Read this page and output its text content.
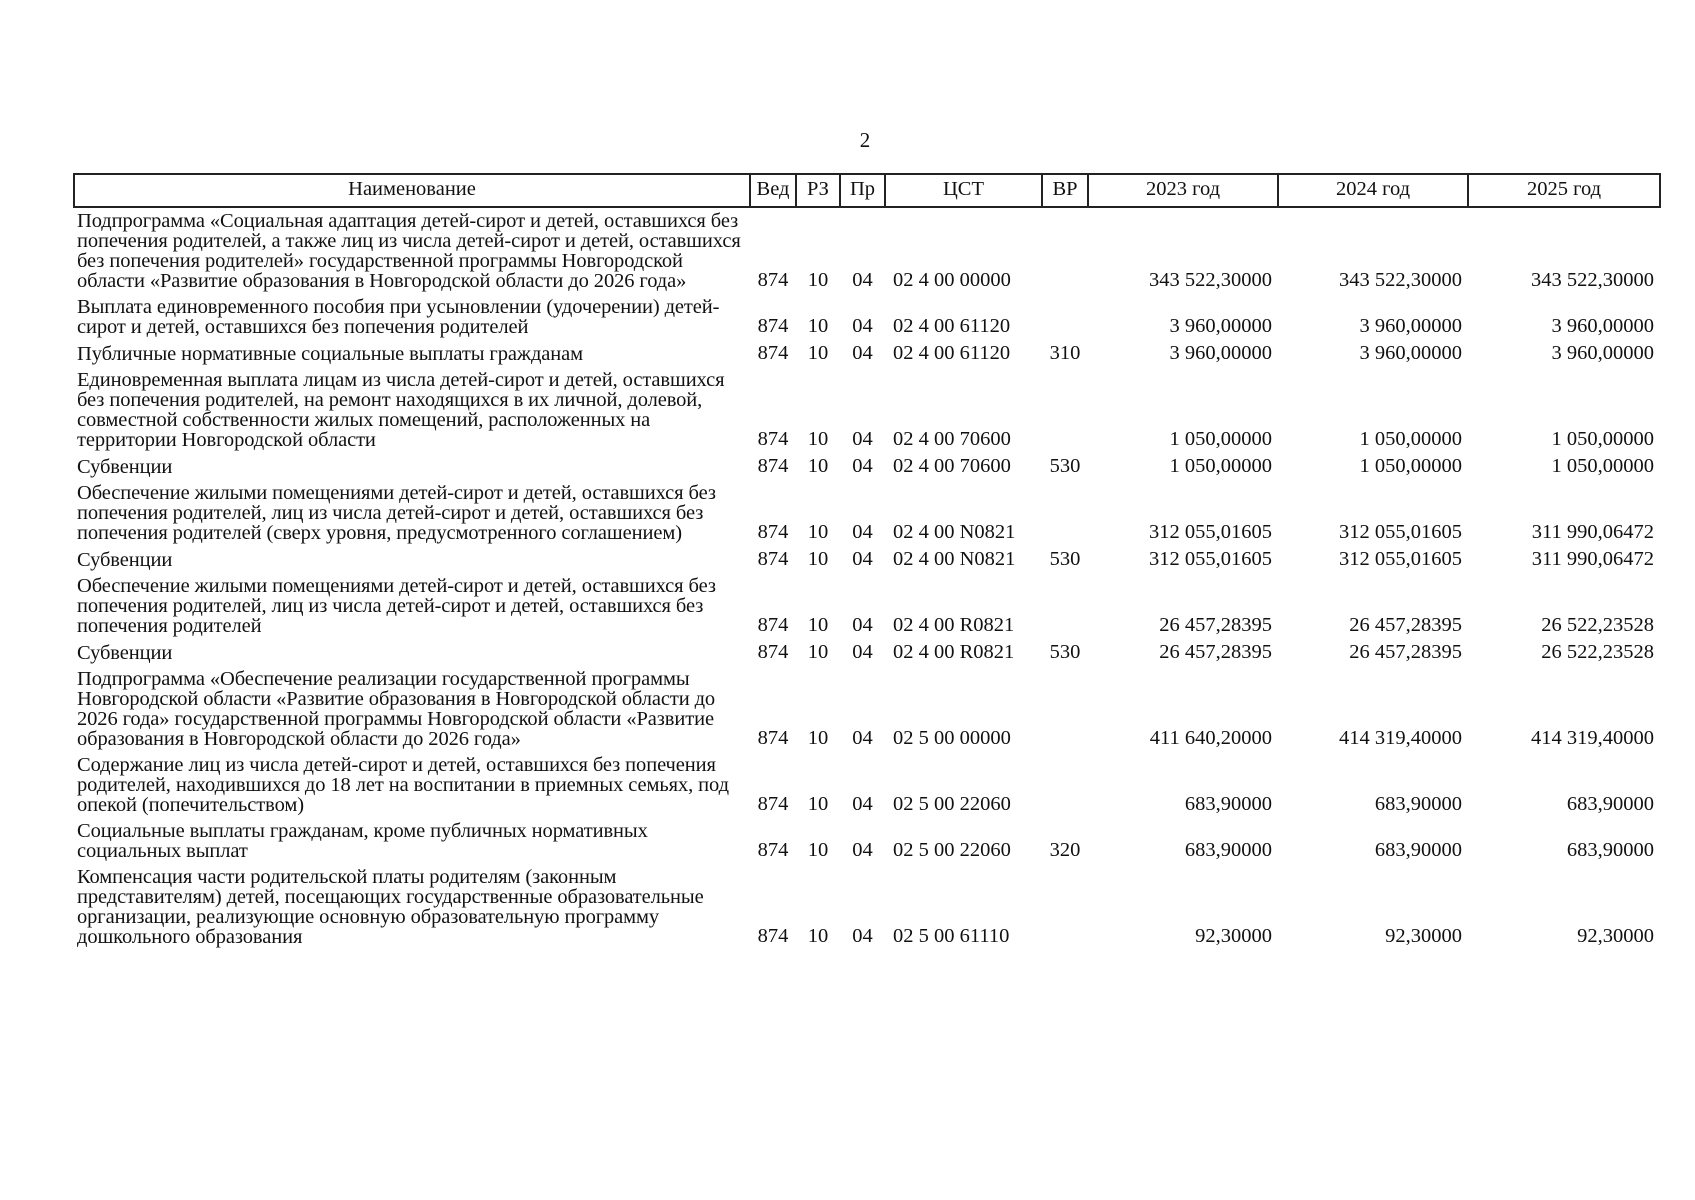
2
Наименование	Вед	РЗ	Пр	ЦСТ	ВР	2023 год	2024 год	2025 год
Подпрограмма «Социальная адаптация детей-сирот и детей, оставшихся без попечения родителей, а также лиц из числа детей-сирот и детей, оставшихся без попечения родителей» государственной программы Новгородской области «Развитие образования в Новгородской области до 2026 года»	874	10	04	02 4 00 00000		343 522,30000	343 522,30000	343 522,30000
Выплата единовременного пособия при усыновлении (удочерении) детей-сирот и детей, оставшихся без попечения родителей	874	10	04	02 4 00 61120		3 960,00000	3 960,00000	3 960,00000
Публичные нормативные социальные выплаты гражданам	874	10	04	02 4 00 61120	310	3 960,00000	3 960,00000	3 960,00000
Единовременная выплата лицам из числа детей-сирот и детей, оставшихся без попечения родителей, на ремонт находящихся в их личной, долевой, совместной собственности жилых помещений, расположенных на территории Новгородской области	874	10	04	02 4 00 70600		1 050,00000	1 050,00000	1 050,00000
Субвенции	874	10	04	02 4 00 70600	530	1 050,00000	1 050,00000	1 050,00000
Обеспечение жилыми помещениями детей-сирот и детей, оставшихся без попечения родителей, лиц из числа детей-сирот и детей, оставшихся без попечения родителей (сверх уровня, предусмотренного соглашением)	874	10	04	02 4 00 N0821		312 055,01605	312 055,01605	311 990,06472
Субвенции	874	10	04	02 4 00 N0821	530	312 055,01605	312 055,01605	311 990,06472
Обеспечение жилыми помещениями детей-сирот и детей, оставшихся без попечения родителей, лиц из числа детей-сирот и детей, оставшихся без попечения родителей	874	10	04	02 4 00 R0821		26 457,28395	26 457,28395	26 522,23528
Субвенции	874	10	04	02 4 00 R0821	530	26 457,28395	26 457,28395	26 522,23528
Подпрограмма «Обеспечение реализации государственной программы Новгородской области «Развитие образования в Новгородской области до 2026 года» государственной программы Новгородской области «Развитие образования в Новгородской области до 2026 года»	874	10	04	02 5 00 00000		411 640,20000	414 319,40000	414 319,40000
Содержание лиц из числа детей-сирот и детей, оставшихся без попечения родителей, находившихся до 18 лет на воспитании в приемных семьях, под опекой (попечительством)	874	10	04	02 5 00 22060		683,90000	683,90000	683,90000
Социальные выплаты гражданам, кроме публичных нормативных социальных выплат	874	10	04	02 5 00 22060	320	683,90000	683,90000	683,90000
Компенсация части родительской платы родителям (законным представителям) детей, посещающих государственные образовательные организации, реализующие основную образовательную программу дошкольного образования	874	10	04	02 5 00 61110		92,30000	92,30000	92,30000
